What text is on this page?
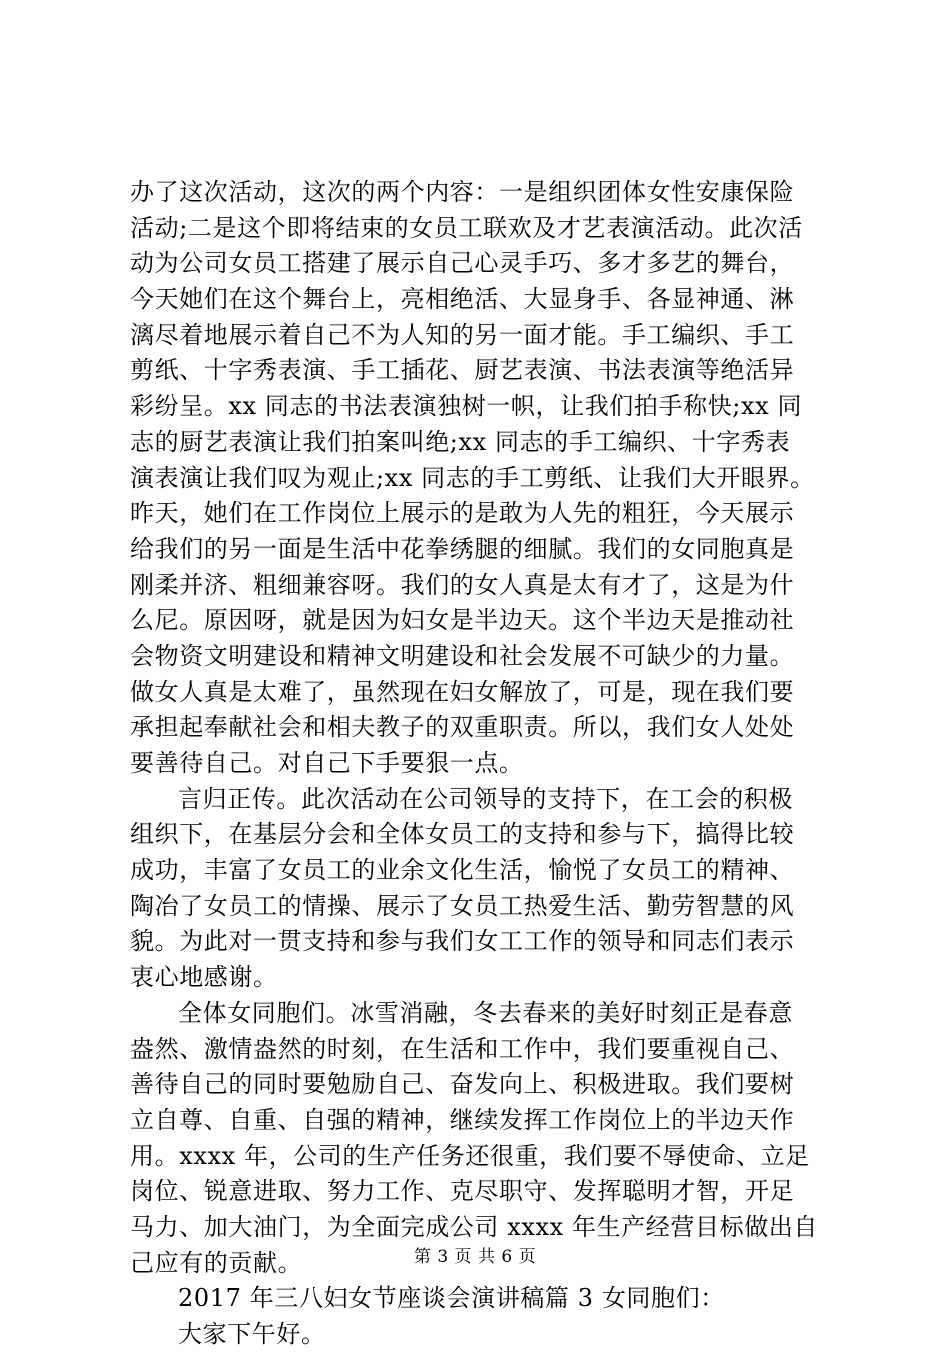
办了这次活动，这次的两个内容：一是组织团体女性安康保险
活动;二是这个即将结束的女员工联欢及才艺表演活动。此次活
动为公司女员工搭建了展示自己心灵手巧、多才多艺的舞台，
今天她们在这个舞台上，亮相绝活、大显身手、各显神通、淋
漓尽着地展示着自己不为人知的另一面才能。手工编织、手工
剪纸、十字秀表演、手工插花、厨艺表演、书法表演等绝活异
彩纷呈。xx 同志的书法表演独树一帜，让我们拍手称快;xx 同
志的厨艺表演让我们拍案叫绝;xx 同志的手工编织、十字秀表
演表演让我们叹为观止;xx 同志的手工剪纸、让我们大开眼界。
昨天，她们在工作岗位上展示的是敢为人先的粗狂，今天展示
给我们的另一面是生活中花拳绣腿的细腻。我们的女同胞真是
刚柔并济、粗细兼容呀。我们的女人真是太有才了，这是为什
么尼。原因呀，就是因为妇女是半边天。这个半边天是推动社
会物资文明建设和精神文明建设和社会发展不可缺少的力量。
做女人真是太难了，虽然现在妇女解放了，可是，现在我们要
承担起奉献社会和相夫教子的双重职责。所以，我们女人处处
要善待自己。对自己下手要狠一点。
言归正传。此次活动在公司领导的支持下，在工会的积极
组织下，在基层分会和全体女员工的支持和参与下，搞得比较
成功，丰富了女员工的业余文化生活，愉悦了女员工的精神、
陶冶了女员工的情操、展示了女员工热爱生活、勤劳智慧的风
貌。为此对一贯支持和参与我们女工工作的领导和同志们表示
衷心地感谢。
全体女同胞们。冰雪消融，冬去春来的美好时刻正是春意
盎然、激情盎然的时刻，在生活和工作中，我们要重视自己、
善待自己的同时要勉励自己、奋发向上、积极进取。我们要树
立自尊、自重、自强的精神，继续发挥工作岗位上的半边天作
用。xxxx 年，公司的生产任务还很重，我们要不辱使命、立足
岗位、锐意进取、努力工作、克尽职守、发挥聪明才智，开足
马力、加大油门，为全面完成公司 xxxx 年生产经营目标做出自
己应有的贡献。
2017 年三八妇女节座谈会演讲稿篇 3 女同胞们：
大家下午好。
第 3 页 共 6 页
